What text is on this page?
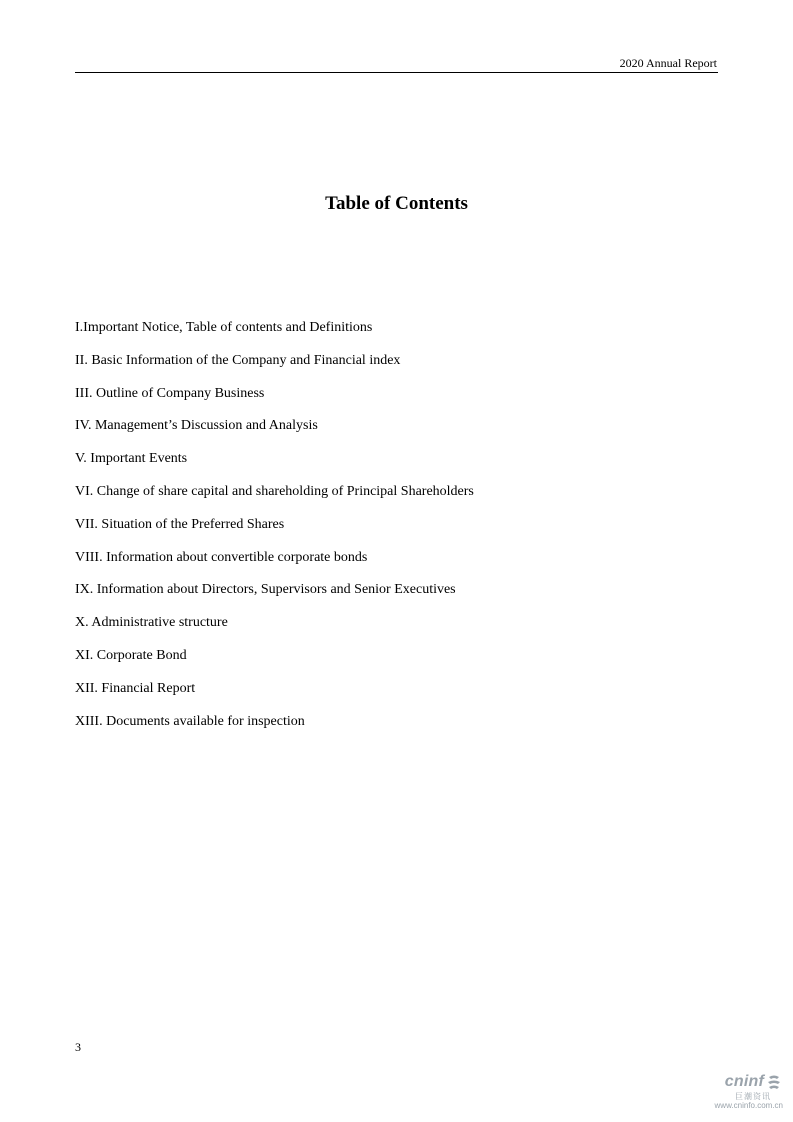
2020 Annual Report
Table of Contents
I.Important Notice, Table of contents and Definitions
II. Basic Information of the Company and Financial index
III. Outline of Company Business
IV. Management’s Discussion and Analysis
V. Important Events
VI. Change of share capital and shareholding of Principal Shareholders
VII. Situation of the Preferred Shares
VIII. Information about convertible corporate bonds
IX. Information about Directors, Supervisors and Senior Executives
X. Administrative structure
XI. Corporate Bond
XII. Financial Report
XIII. Documents available for inspection
3
cninf
巨潮资讯
www.cninfo.com.cn
